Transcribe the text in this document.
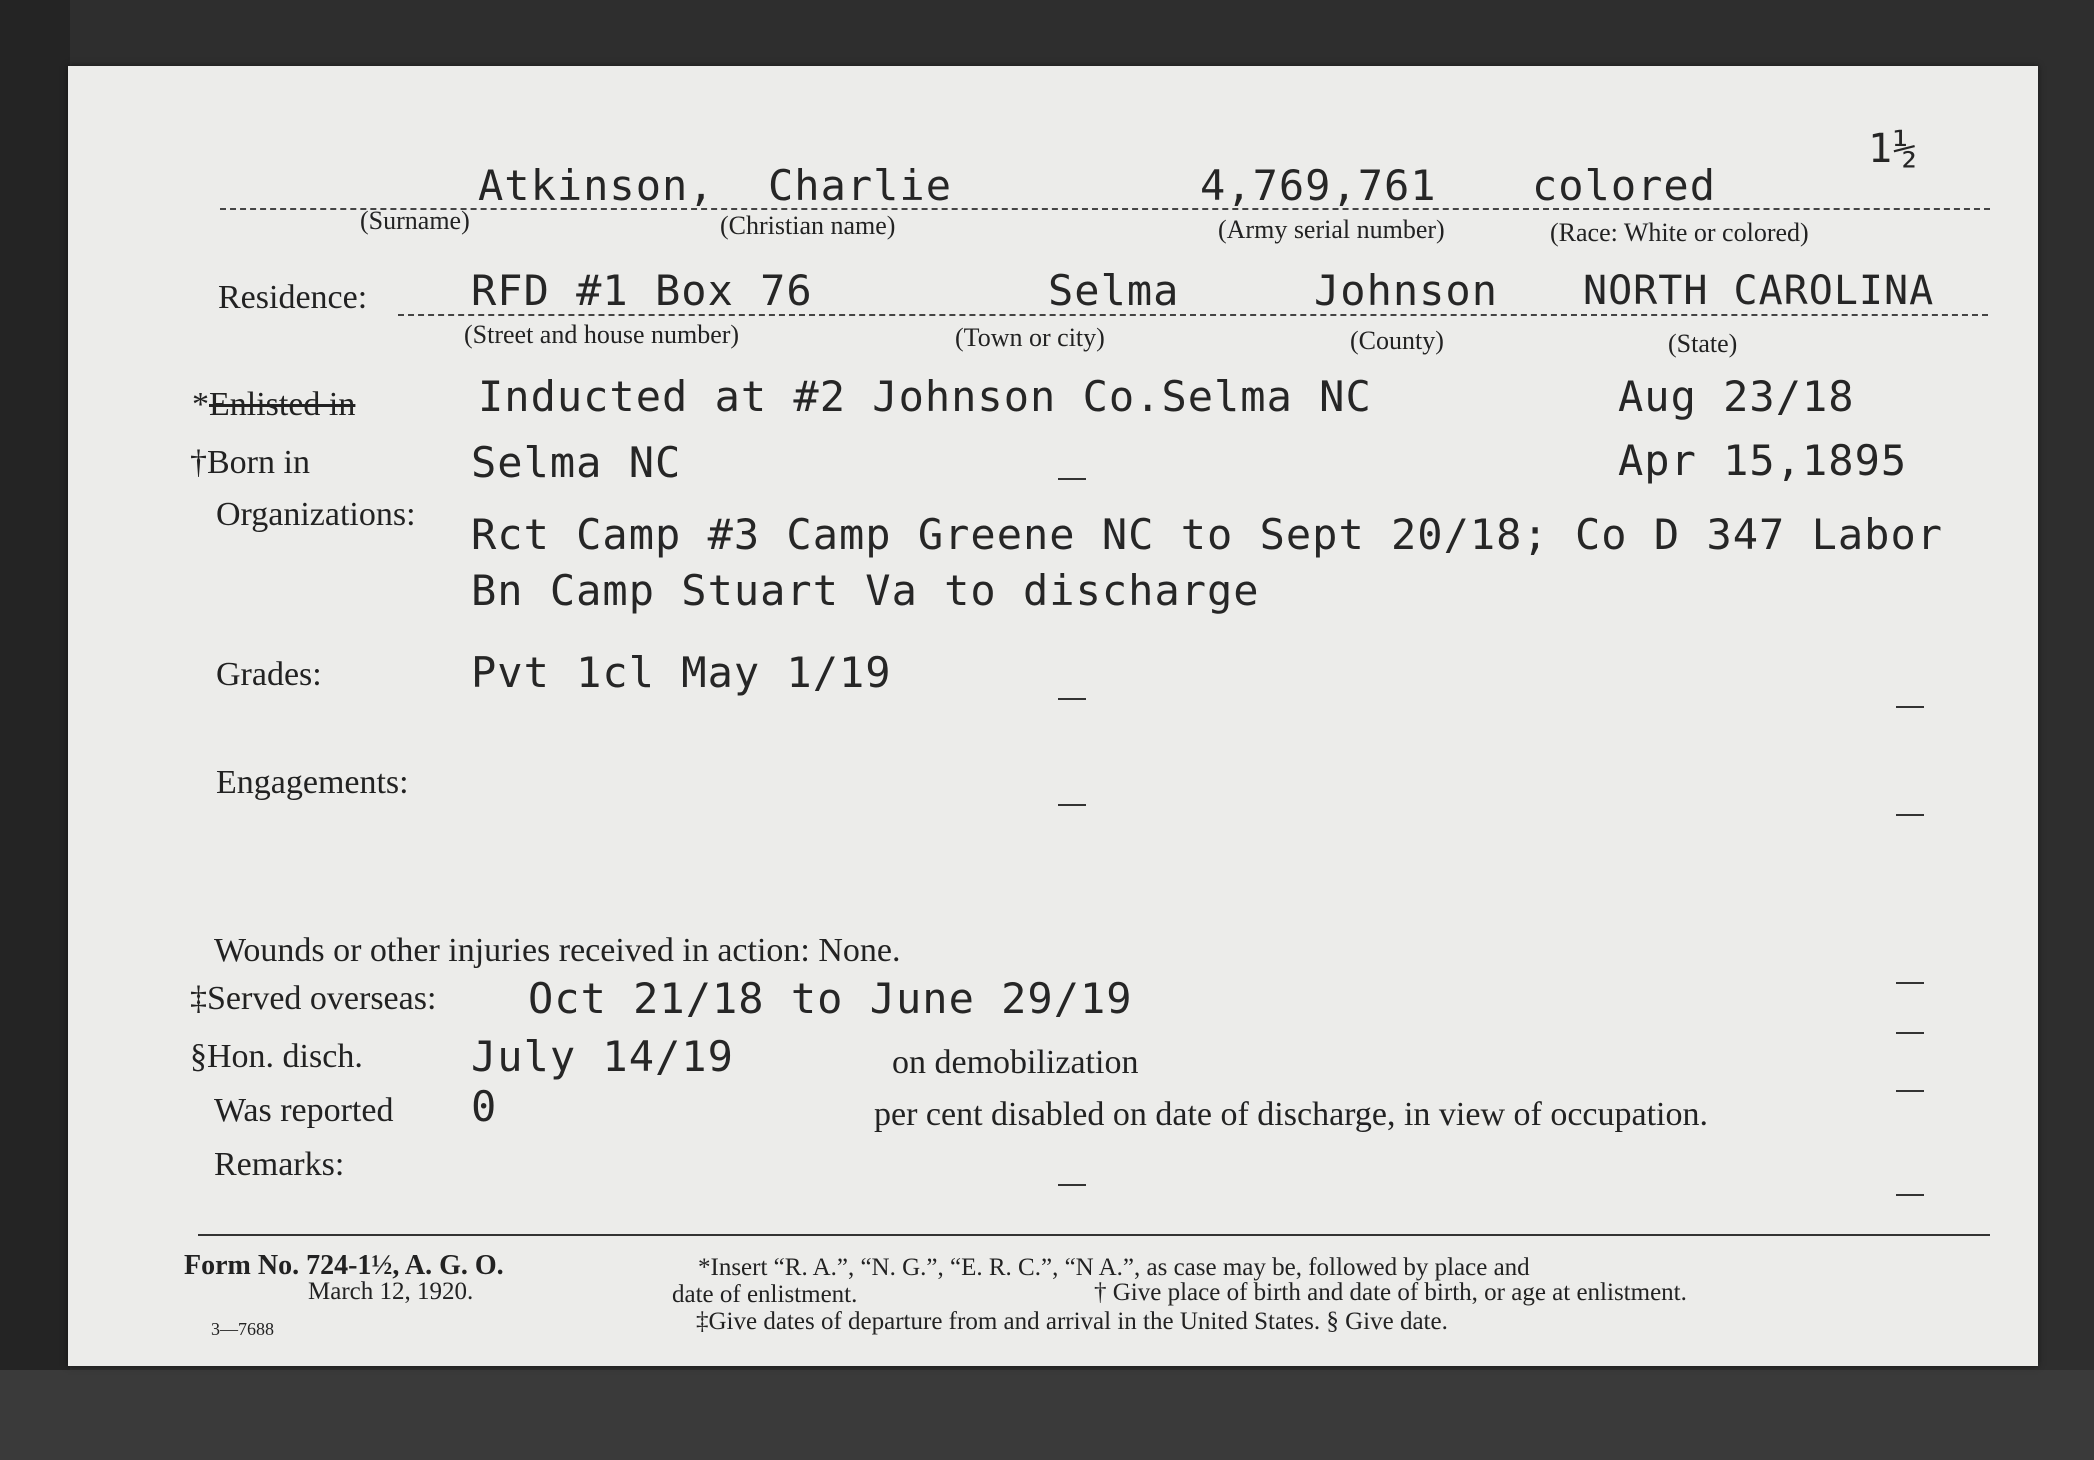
1½
Atkinson, Charlie	4,769,761 colored
(Surname)	(Christian name)	(Army serial number)	(Race: White or colored)
Residence: RFD #1 Box 76	Selma	Johnson NORTH CAROLINA
(Street and house number)	(Town or city)	(County)	(State)
*Enlisted in	Inducted at #2 Johnson Co.Selma NC	Aug 23/18
†Born in	Selma NC	Apr 15,1895
Organizations: Rct Camp #3 Camp Greene NC to Sept 20/18; Co D 347 Labor
Bn Camp Stuart Va to discharge
Grades:	Pvt 1cl May 1/19
Engagements:
Wounds or other injuries received in action: None.
‡Served overseas: Oct 21/18 to June 29/19
§Hon. disch.	July 14/19	on demobilization
Was reported 0	per cent disabled on date of discharge, in view of occupation.
Remarks:
Form No. 724-1½, A. G. O.
March 12, 1920.
3—7688
*Insert “R. A.”, “N. G.”, “E. R. C.”, “N A.”, as case may be, followed by place and
date of enlistment.	† Give place of birth and date of birth, or age at enlistment.
‡Give dates of departure from and arrival in the United States. § Give date.
